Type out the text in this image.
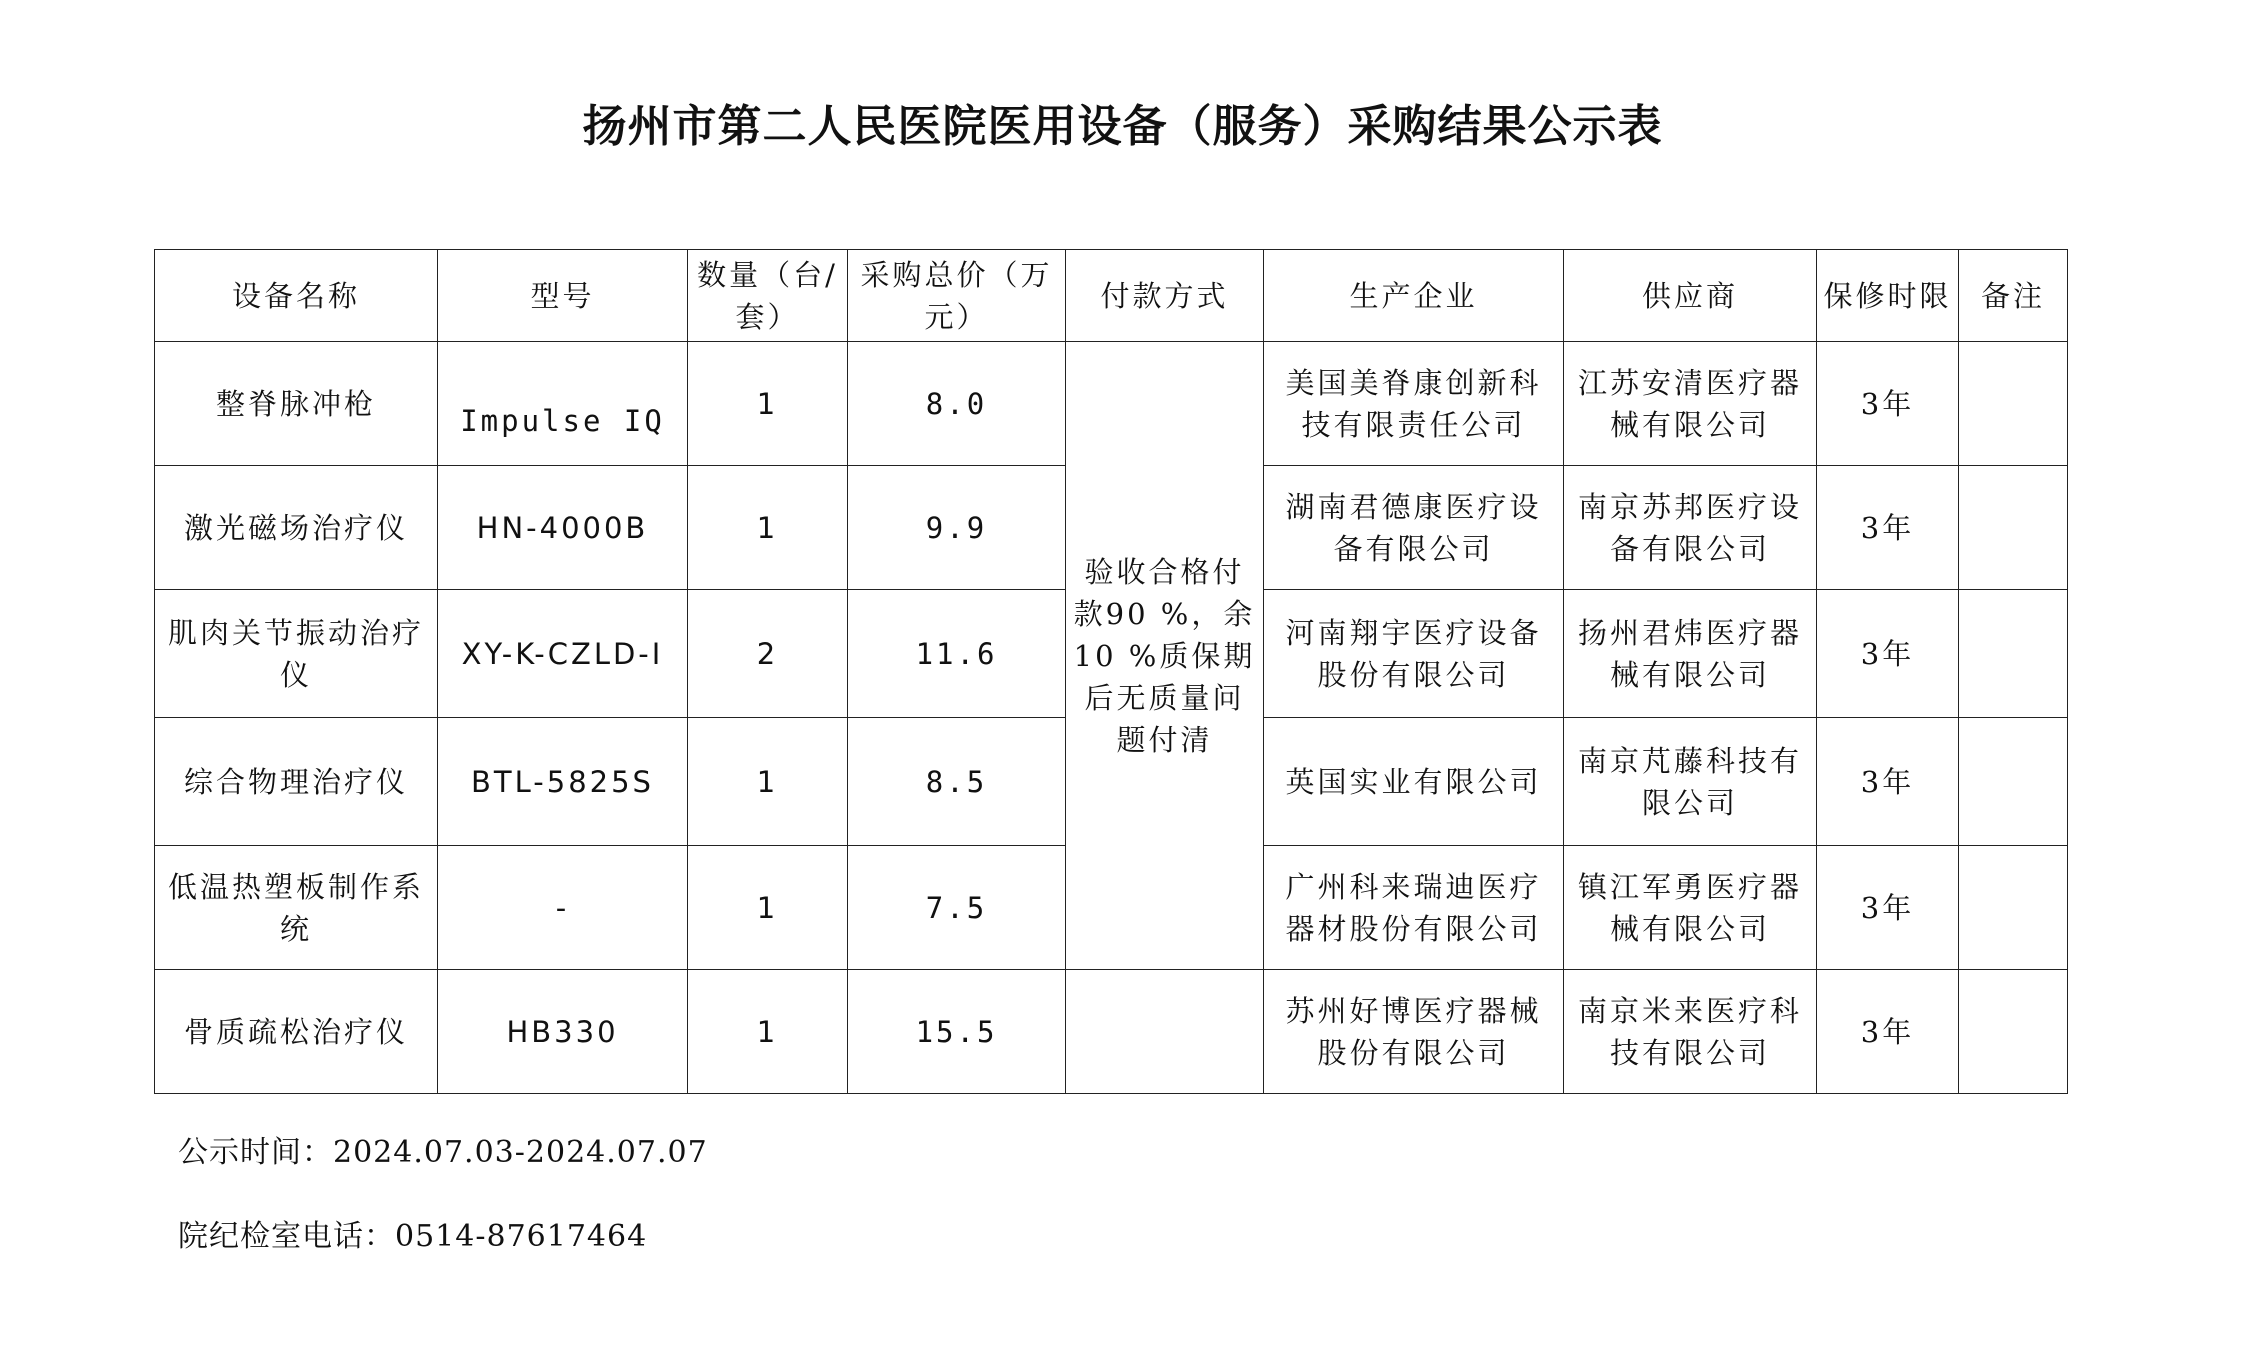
扬州市第二人民医院医用设备（服务）采购结果公示表
设备名称	型号	数量（台/套）	采购总价（万元）	付款方式	生产企业	供应商	保修时限	备注
整脊脉冲枪	Impulse IQ	1	8.0	验收合格付款90 %，余10 %质保期后无质量问题付清	美国美脊康创新科技有限责任公司	江苏安清医疗器械有限公司	3年	
激光磁场治疗仪	HN-4000B	1	9.9		湖南君德康医疗设备有限公司	南京苏邦医疗设备有限公司	3年	
肌肉关节振动治疗仪	XY-K-CZLD-I	2	11.6		河南翔宇医疗设备股份有限公司	扬州君炜医疗器械有限公司	3年	
综合物理治疗仪	BTL-5825S	1	8.5		英国实业有限公司	南京芃藤科技有限公司	3年	
低温热塑板制作系统	-	1	7.5		广州科来瑞迪医疗器材股份有限公司	镇江军勇医疗器械有限公司	3年	
骨质疏松治疗仪	HB330	1	15.5		苏州好博医疗器械股份有限公司	南京米来医疗科技有限公司	3年	
公示时间：2024.07.03-2024.07.07
院纪检室电话：0514-87617464
